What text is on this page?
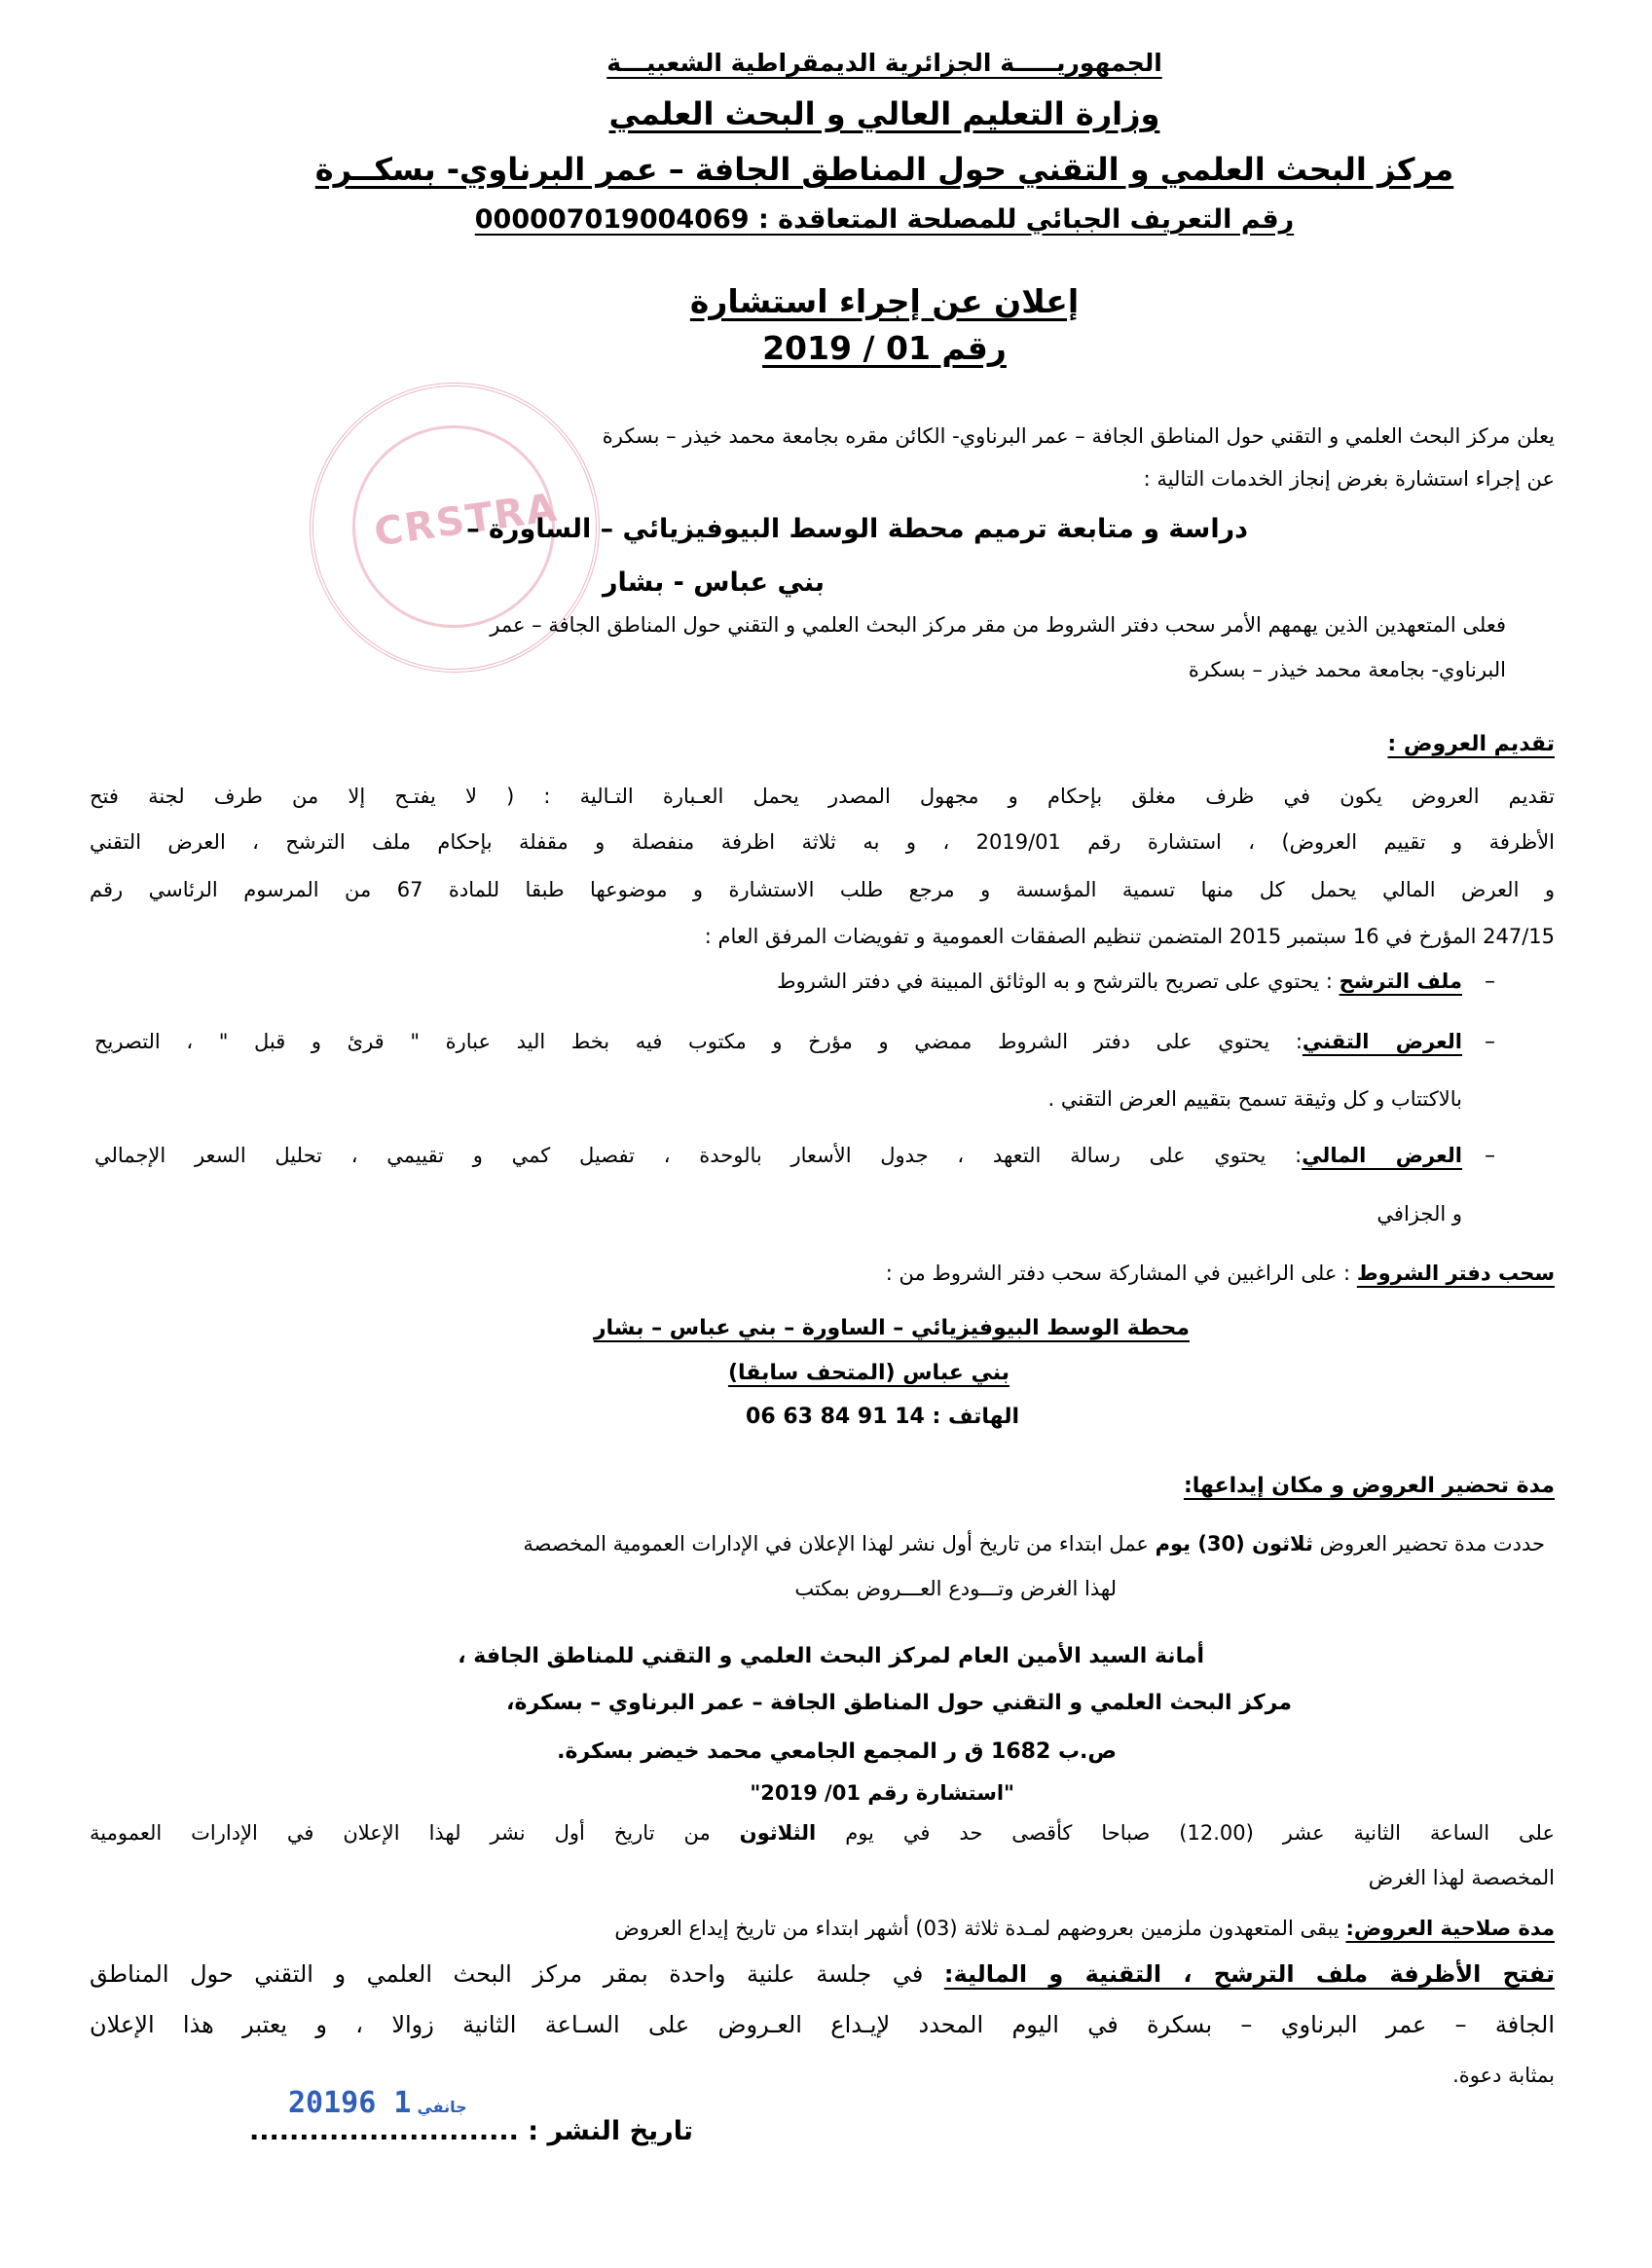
الجمهوريـــــة الجزائرية الديمقراطية الشعبيـــة
وزارة التعليم العالي و البحث العلمي
مركز البحث العلمي و التقني حول المناطق الجافة – عمر البرناوي- بسكــرة
رقم التعريف الجبائي للمصلحة المتعاقدة : 000007019004069
إعلان عن إجراء استشارة
رقم 01 / 2019
CRSTRA
يعلن مركز البحث العلمي و التقني حول المناطق الجافة – عمر البرناوي- الكائن مقره بجامعة محمد خيذر – بسكرة
عن إجراء استشارة بغرض إنجاز الخدمات التالية :
دراسة و متابعة ترميم محطة الوسط البيوفيزيائي – الساورة –
بني عباس - بشار
فعلى المتعهدين الذين يهمهم الأمر سحب دفتر الشروط من مقر مركز البحث العلمي و التقني حول المناطق الجافة – عمر
البرناوي- بجامعة محمد خيذر – بسكرة
تقديم العروض :
تقديم العروض يكون في ظرف مغلق بإحكام و مجهول المصدر يحمل العـبارة التـالية : ( لا يفتـح إلا من طرف لجنة فتح
الأظرفة و تقييم العروض) ، استشارة رقم 2019/01 ، و به ثلاثة اظرفة منفصلة و مقفلة بإحكام ملف الترشح ، العرض التقني
و العرض المالي يحمل كل منها تسمية المؤسسة و مرجع طلب الاستشارة و موضوعها طبقا للمادة 67 من المرسوم الرئاسي رقم
247/15 المؤرخ في 16 سبتمبر 2015 المتضمن تنظيم الصفقات العمومية و تفويضات المرفق العام :
–
ملف الترشح : يحتوي على تصريح بالترشح و به الوثائق المبينة في دفتر الشروط
–
العرض التقني: يحتوي على دفتر الشروط ممضي و مؤرخ و مكتوب فيه بخط اليد عبارة " قرئ و قبل " ، التصريح
بالاكتتاب و كل وثيقة تسمح بتقييم العرض التقني .
–
العرض المالي: يحتوي على رسالة التعهد ، جدول الأسعار بالوحدة ، تفصيل كمي و تقييمي ، تحليل السعر الإجمالي
و الجزافي
سحب دفتر الشروط : على الراغبين في المشاركة سحب دفتر الشروط من :
محطة الوسط البيوفيزيائي – الساورة – بني عباس – بشار
بني عباس (المتحف سابقا)
الهاتف : 14 91 84 63 06
مدة تحضير العروض و مكان إيداعها:
حددت مدة تحضير العروض ثلاثون (30) يوم عمل ابتداء من تاريخ أول نشر لهذا الإعلان في الإدارات العمومية المخصصة
لهذا الغرض وتـــودع العـــروض بمكتب
أمانة السيد الأمين العام لمركز البحث العلمي و التقني للمناطق الجافة ،
مركز البحث العلمي و التقني حول المناطق الجافة – عمر البرناوي – بسكرة،
ص.ب 1682 ق ر المجمع الجامعي محمد خيضر بسكرة.
"استشارة رقم 01/ 2019"
على الساعة الثانية عشر (12.00) صباحا كأقصى حد في يوم الثلاثون من تاريخ أول نشر لهذا الإعلان في الإدارات العمومية
المخصصة لهذا الغرض
مدة صلاحية العروض: يبقى المتعهدون ملزمين بعروضهم لمـدة ثلاثة (03) أشهر ابتداء من تاريخ إيداع العروض
تفتح الأظرفة ملف الترشح ، التقنية و المالية: في جلسة علنية واحدة بمقر مركز البحث العلمي و التقني حول المناطق
الجافة – عمر البرناوي – بسكرة في اليوم المحدد لإيـداع العـروض على السـاعة الثانية زوالا ، و يعتبر هذا الإعلان
بمثابة دعوة.
2019	جانفي1 6
تاريخ النشر : ...........................
